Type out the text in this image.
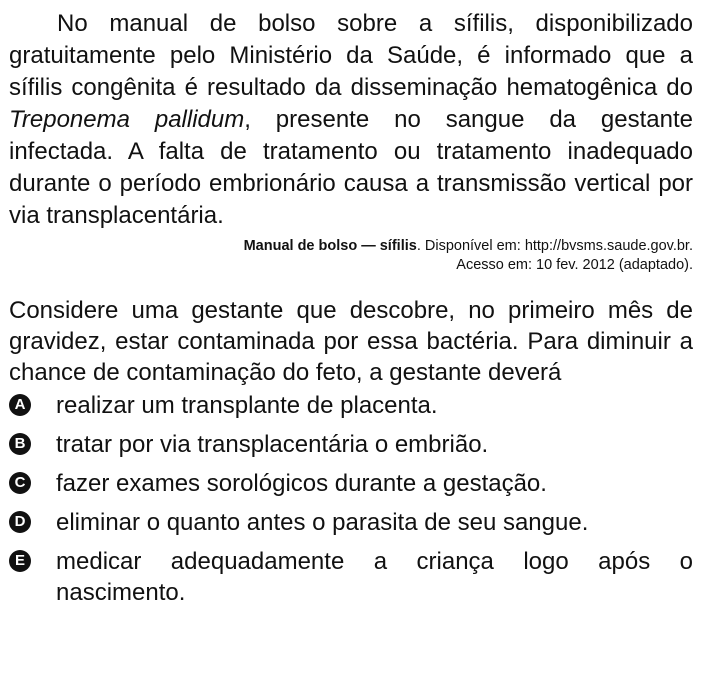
No manual de bolso sobre a sífilis, disponibilizado gratuitamente pelo Ministério da Saúde, é informado que a sífilis congênita é resultado da disseminação hematogênica do Treponema pallidum, presente no sangue da gestante infectada. A falta de tratamento ou tratamento inadequado durante o período embrionário causa a transmissão vertical por via transplacentária.

Manual de bolso — sífilis. Disponível em: http://bvsms.saude.gov.br.
Acesso em: 10 fev. 2012 (adaptado).

Considere uma gestante que descobre, no primeiro mês de gravidez, estar contaminada por essa bactéria. Para diminuir a chance de contaminação do feto, a gestante deverá

A realizar um transplante de placenta.
B tratar por via transplacentária o embrião.
C fazer exames sorológicos durante a gestação.
D eliminar o quanto antes o parasita de seu sangue.
E medicar adequadamente a criança logo após o
nascimento.
